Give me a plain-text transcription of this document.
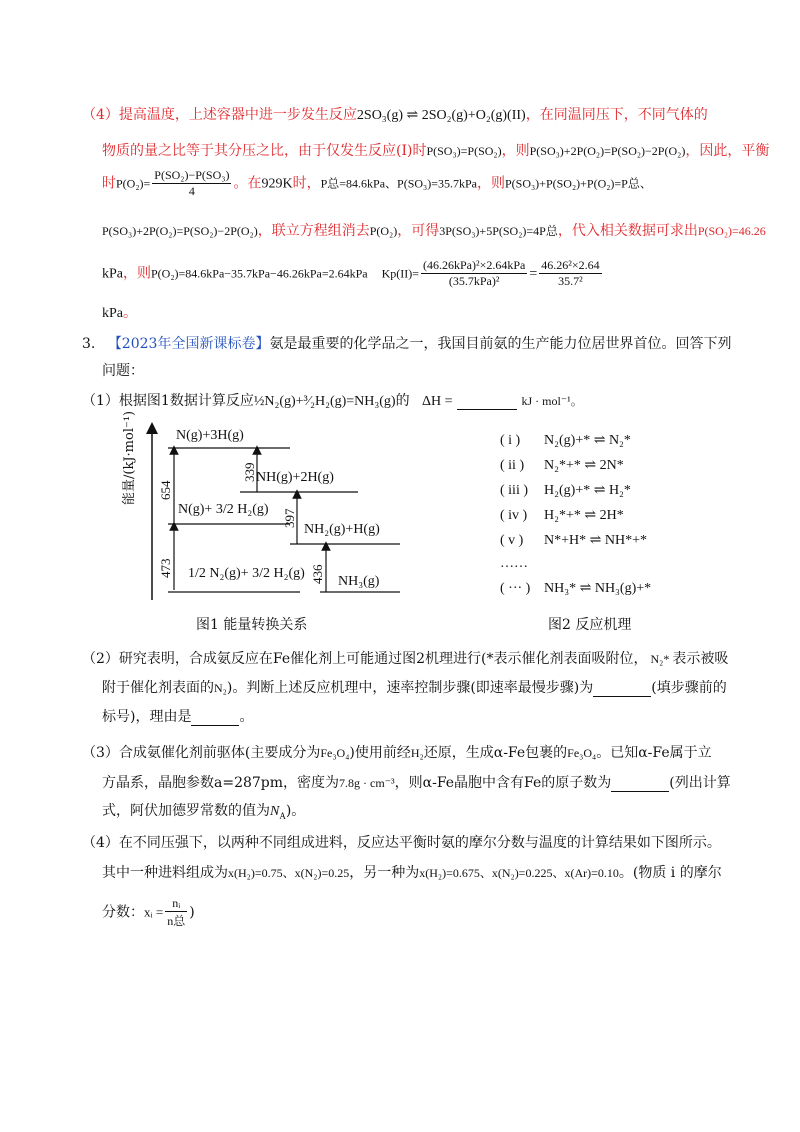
（4）提高温度，上述容器中进一步发生反应2SO₃(g) ⇌ 2SO₂(g)+O₂(g)(II)，在同温同压下，不同气体的
物质的量之比等于其分压之比，由于仅发生反应(I)时P(SO₃)=P(SO₂)，则P(SO₃)+2P(O₂)=P(SO₂)−2P(O₂)，因此，平衡
时$P(O_2)= \frac{\text{P(SO₂)−P(SO₃)}}{4}$ 。在929K时，P总=84.6kPa、P(SO₃)=35.7kPa，则P(SO₃)+P(SO₂)+P(O₂)=P总、
P(SO₃)+2P(O₂)=P(SO₂)−2P(O₂)，联立方程组消去P(O₂)，可得3P(SO₃)+5P(SO₂)=4P总，代入相关数据可求出P(SO₂)=46.26
kPa，则P(O₂)=84.6kPa−35.7kPa−46.26kPa=2.64kPa $Kp(II)= \frac{\text{(46.26kPa)²×2.64kPa}}{\text{(35.7kPa)²}} = \frac{\text{46.26²×2.64}}{\text{35.7²}}$
kPa。
3. 【2023年全国新课标卷】氨是最重要的化学品之一，我国目前氨的生产能力位居世界首位。回答下列
问题：
（1）根据图1数据计算反应½N₂(g)+³⁄₂H₂(g)=NH₃(g)的 ΔH =	kJ · mol⁻¹。
能量/(kJ·mol⁻¹)	N(g)+3H(g)
NH(g)+2H(g)
N(g)+ 3/2 H₂(g)
NH₂(g)+H(g)
1/2 N₂(g)+ 3/2 H₂(g)
NH₃(g)
654
339
397
473	436
图1 能量转换关系
( i ) N₂(g)+* ⇌ N₂*
( ii ) N₂*+* ⇌ 2N*
( iii ) H₂(g)+* ⇌ H₂*
( iv ) H₂*+* ⇌ 2H*
( v ) N*+H* ⇌ NH*+*
……
( ··· ) NH₃* ⇌ NH₃(g)+*
图2 反应机理
（2）研究表明，合成氨反应在Fe催化剂上可能通过图2机理进行(*表示催化剂表面吸附位， N₂* 表示被吸
附于催化剂表面的N₂)。判断上述反应机理中，速率控制步骤(即速率最慢步骤)为	(填步骤前的
标号)，理由是	。
（3）合成氨催化剂前驱体(主要成分为Fe₃O₄)使用前经H₂还原，生成α-Fe包裹的Fe₃O₄。已知α-Fe属于立
方晶系，晶胞参数a=287pm，密度为7.8g · cm⁻³，则α-Fe晶胞中含有Fe的原子数为	(列出计算
式，阿伏加德罗常数的值为$N_A$)。
（4）在不同压强下，以两种不同组成进料，反应达平衡时氨的摩尔分数与温度的计算结果如下图所示。
其中一种进料组成为x(H₂)=0.75、x(N₂)=0.25，另一种为x(H₂)=0.675、x(N₂)=0.225、x(Ar)=0.10。(物质 i 的摩尔
分数：xᵢ = $\frac{\text{nᵢ}}{\text{n总}}$ )
